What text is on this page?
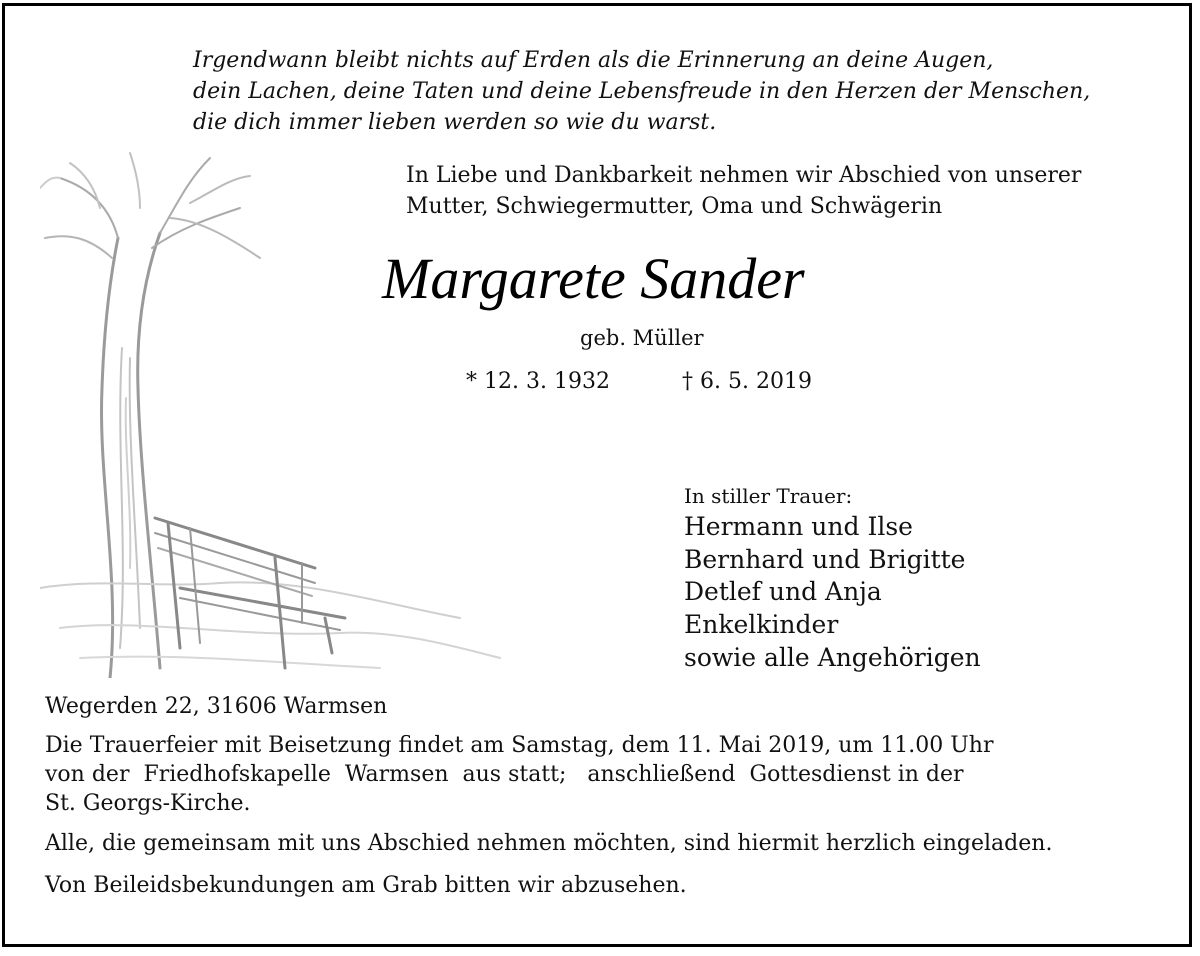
Irgendwann bleibt nichts auf Erden als die Erinnerung an deine Augen,
dein Lachen, deine Taten und deine Lebensfreude in den Herzen der Menschen,
die dich immer lieben werden so wie du warst.
In Liebe und Dankbarkeit nehmen wir Abschied von unserer
Mutter, Schwiegermutter, Oma und Schwägerin
Margarete Sander
geb. Müller
* 12. 3. 1932	† 6. 5. 2019
In stiller Trauer:
Hermann und Ilse
Bernhard und Brigitte
Detlef und Anja
Enkelkinder
sowie alle Angehörigen
Wegerden 22, 31606 Warmsen
Die Trauerfeier mit Beisetzung findet am Samstag, dem 11. Mai 2019, um 11.00 Uhr
von der  Friedhofskapelle  Warmsen  aus statt;   anschließend  Gottesdienst in der
St. Georgs-Kirche.
Alle, die gemeinsam mit uns Abschied nehmen möchten, sind hiermit herzlich eingeladen.
Von Beileidsbekundungen am Grab bitten wir abzusehen.
